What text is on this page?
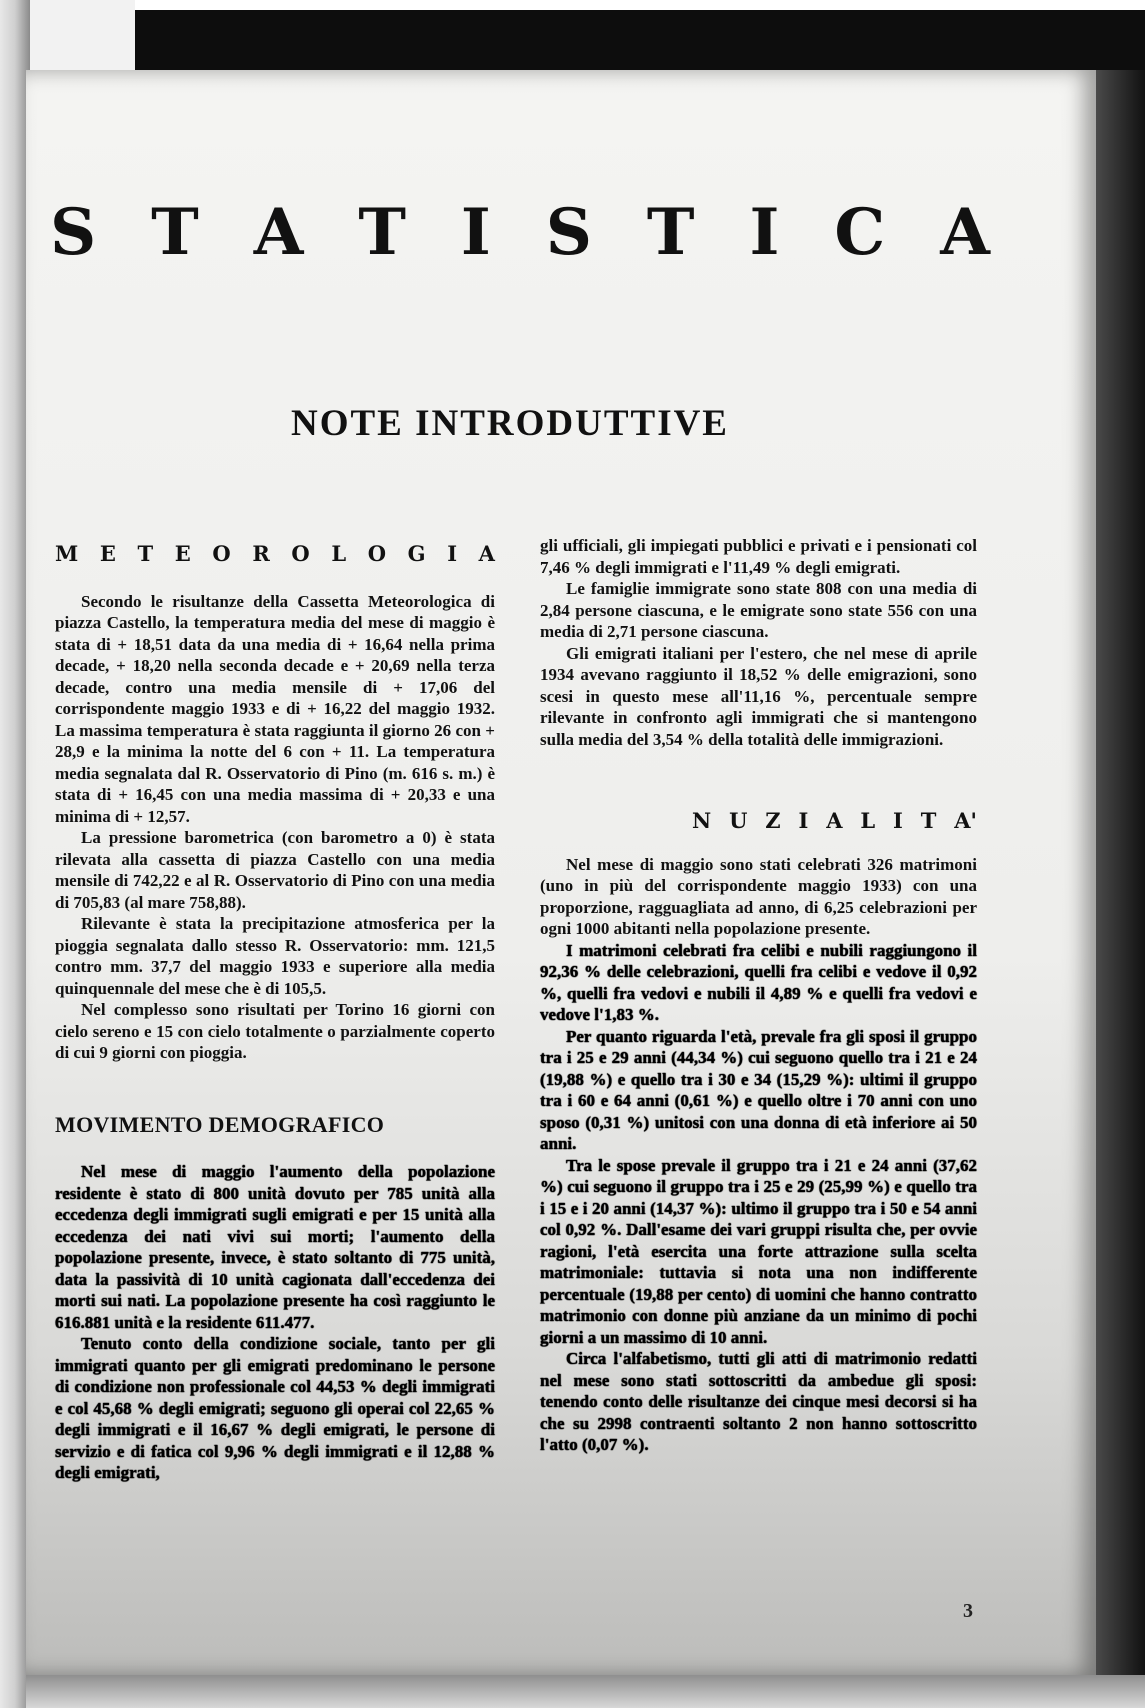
S T A T I S T I C A
NOTE INTRODUTTIVE
M E T E O R O L O G I A

Secondo le risultanze della Cassetta Meteorologica di piazza Castello, la temperatura media del mese di maggio è stata di + 18,51 data da una media di + 16,64 nella prima decade, + 18,20 nella seconda decade e + 20,69 nella terza decade, contro una media mensile di + 17,06 del corrispondente maggio 1933 e di + 16,22 del maggio 1932. La massima temperatura è stata raggiunta il giorno 26 con + 28,9 e la minima la notte del 6 con + 11. La temperatura media segnalata dal R. Osservatorio di Pino (m. 616 s. m.) è stata di + 16,45 con una media massima di + 20,33 e una minima di + 12,57.

La pressione barometrica (con barometro a 0) è stata rilevata alla cassetta di piazza Castello con una media mensile di 742,22 e al R. Osservatorio di Pino con una media di 705,83 (al mare 758,88).

Rilevante è stata la precipitazione atmosferica per la pioggia segnalata dallo stesso R. Osservatorio: mm. 121,5 contro mm. 37,7 del maggio 1933 e superiore alla media quinquennale del mese che è di 105,5.

Nel complesso sono risultati per Torino 16 giorni con cielo sereno e 15 con cielo totalmente o parzialmente coperto di cui 9 giorni con pioggia.

MOVIMENTO DEMOGRAFICO

Nel mese di maggio l'aumento della popolazione residente è stato di 800 unità dovuto per 785 unità alla eccedenza degli immigrati sugli emigrati e per 15 unità alla eccedenza dei nati vivi sui morti; l'aumento della popolazione presente, invece, è stato soltanto di 775 unità, data la passività di 10 unità cagionata dall'eccedenza dei morti sui nati. La popolazione presente ha così raggiunto le 616.881 unità e la residente 611.477.

Tenuto conto della condizione sociale, tanto per gli immigrati quanto per gli emigrati predominano le persone di condizione non professionale col 44,53 % degli immigrati e col 45,68 % degli emigrati; seguono gli operai col 22,65 % degli immigrati e il 16,67 % degli emigrati, le persone di servizio e di fatica col 9,96 % degli immigrati e il 12,88 % degli emigrati,

gli ufficiali, gli impiegati pubblici e privati e i pensionati col 7,46 % degli immigrati e l'11,49 % degli emigrati.

Le famiglie immigrate sono state 808 con una media di 2,84 persone ciascuna, e le emigrate sono state 556 con una media di 2,71 persone ciascuna.

Gli emigrati italiani per l'estero, che nel mese di aprile 1934 avevano raggiunto il 18,52 % delle emigrazioni, sono scesi in questo mese all'11,16 %, percentuale sempre rilevante in confronto agli immigrati che si mantengono sulla media del 3,54 % della totalità delle immigrazioni.

N U Z I A L I T A'

Nel mese di maggio sono stati celebrati 326 matrimoni (uno in più del corrispondente maggio 1933) con una proporzione, ragguagliata ad anno, di 6,25 celebrazioni per ogni 1000 abitanti nella popolazione presente.

I matrimoni celebrati fra celibi e nubili raggiungono il 92,36 % delle celebrazioni, quelli fra celibi e vedove il 0,92 %, quelli fra vedovi e nubili il 4,89 % e quelli fra vedovi e vedove l'1,83 %.

Per quanto riguarda l'età, prevale fra gli sposi il gruppo tra i 25 e 29 anni (44,34 %) cui seguono quello tra i 21 e 24 (19,88 %) e quello tra i 30 e 34 (15,29 %): ultimi il gruppo tra i 60 e 64 anni (0,61 %) e quello oltre i 70 anni con uno sposo (0,31 %) unitosi con una donna di età inferiore ai 50 anni.

Tra le spose prevale il gruppo tra i 21 e 24 anni (37,62 %) cui seguono il gruppo tra i 25 e 29 (25,99 %) e quello tra i 15 e i 20 anni (14,37 %): ultimo il gruppo tra i 50 e 54 anni col 0,92 %. Dall'esame dei vari gruppi risulta che, per ovvie ragioni, l'età esercita una forte attrazione sulla scelta matrimoniale: tuttavia si nota una non indifferente percentuale (19,88 per cento) di uomini che hanno contratto matrimonio con donne più anziane da un minimo di pochi giorni a un massimo di 10 anni.

Circa l'alfabetismo, tutti gli atti di matrimonio redatti nel mese sono stati sottoscritti da ambedue gli sposi: tenendo conto delle risultanze dei cinque mesi decorsi si ha che su 2998 contraenti soltanto 2 non hanno sottoscritto l'atto (0,07 %).

3
